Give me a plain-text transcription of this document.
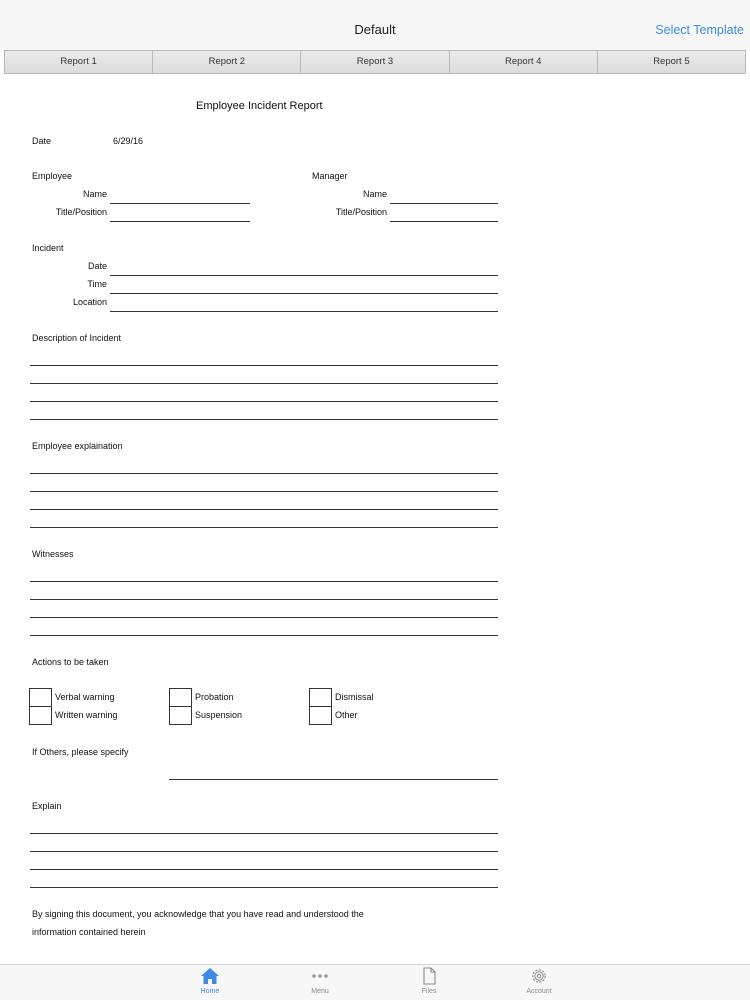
Default	Select Template
Report 1	Report 2	Report 3	Report 4	Report 5
Employee Incident Report
Date	6/29/16
Employee
Name
Title/Position
Manager
Name
Title/Position
Incident
Date
Time
Location
Description of Incident
Employee explaination
Witnesses
Actions to be taken
Verbal warning
Written warning
Probation
Suspension
Dismissal
Other
If Others, please specify
Explain
By signing this document, you acknowledge that you have read and understood the
information contained herein
Home	Menu	Files	Account
